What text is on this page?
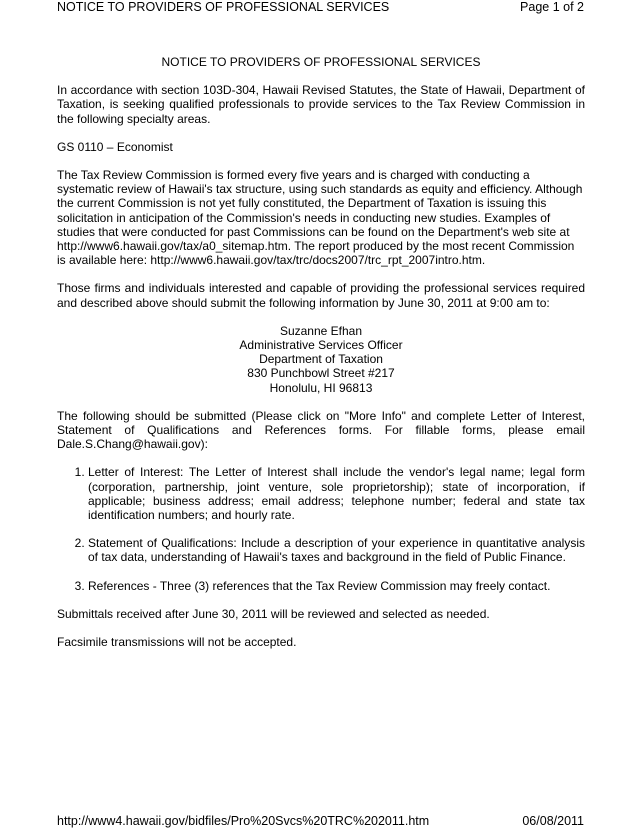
NOTICE TO PROVIDERS OF PROFESSIONAL SERVICES	Page 1 of 2
NOTICE TO PROVIDERS OF PROFESSIONAL SERVICES

In accordance with section 103D-304, Hawaii Revised Statutes, the State of Hawaii, Department of Taxation, is seeking qualified professionals to provide services to the Tax Review Commission in the following specialty areas.

GS 0110 – Economist

The Tax Review Commission is formed every five years and is charged with conducting a systematic review of Hawaii's tax structure, using such standards as equity and efficiency. Although the current Commission is not yet fully constituted, the Department of Taxation is issuing this solicitation in anticipation of the Commission's needs in conducting new studies. Examples of studies that were conducted for past Commissions can be found on the Department's web site at http://www6.hawaii.gov/tax/a0_sitemap.htm. The report produced by the most recent Commission is available here: http://www6.hawaii.gov/tax/trc/docs2007/trc_rpt_2007intro.htm.

Those firms and individuals interested and capable of providing the professional services required and described above should submit the following information by June 30, 2011 at 9:00 am to:

Suzanne Efhan
Administrative Services Officer
Department of Taxation
830 Punchbowl Street #217
Honolulu, HI 96813

The following should be submitted (Please click on "More Info" and complete Letter of Interest, Statement of Qualifications and References forms. For fillable forms, please email Dale.S.Chang@hawaii.gov):

1. Letter of Interest: The Letter of Interest shall include the vendor's legal name; legal form (corporation, partnership, joint venture, sole proprietorship); state of incorporation, if applicable; business address; email address; telephone number; federal and state tax identification numbers; and hourly rate.
2. Statement of Qualifications: Include a description of your experience in quantitative analysis of tax data, understanding of Hawaii's taxes and background in the field of Public Finance.
3. References - Three (3) references that the Tax Review Commission may freely contact.

Submittals received after June 30, 2011 will be reviewed and selected as needed.

Facsimile transmissions will not be accepted.

http://www4.hawaii.gov/bidfiles/Pro%20Svcs%20TRC%202011.htm	06/08/2011
